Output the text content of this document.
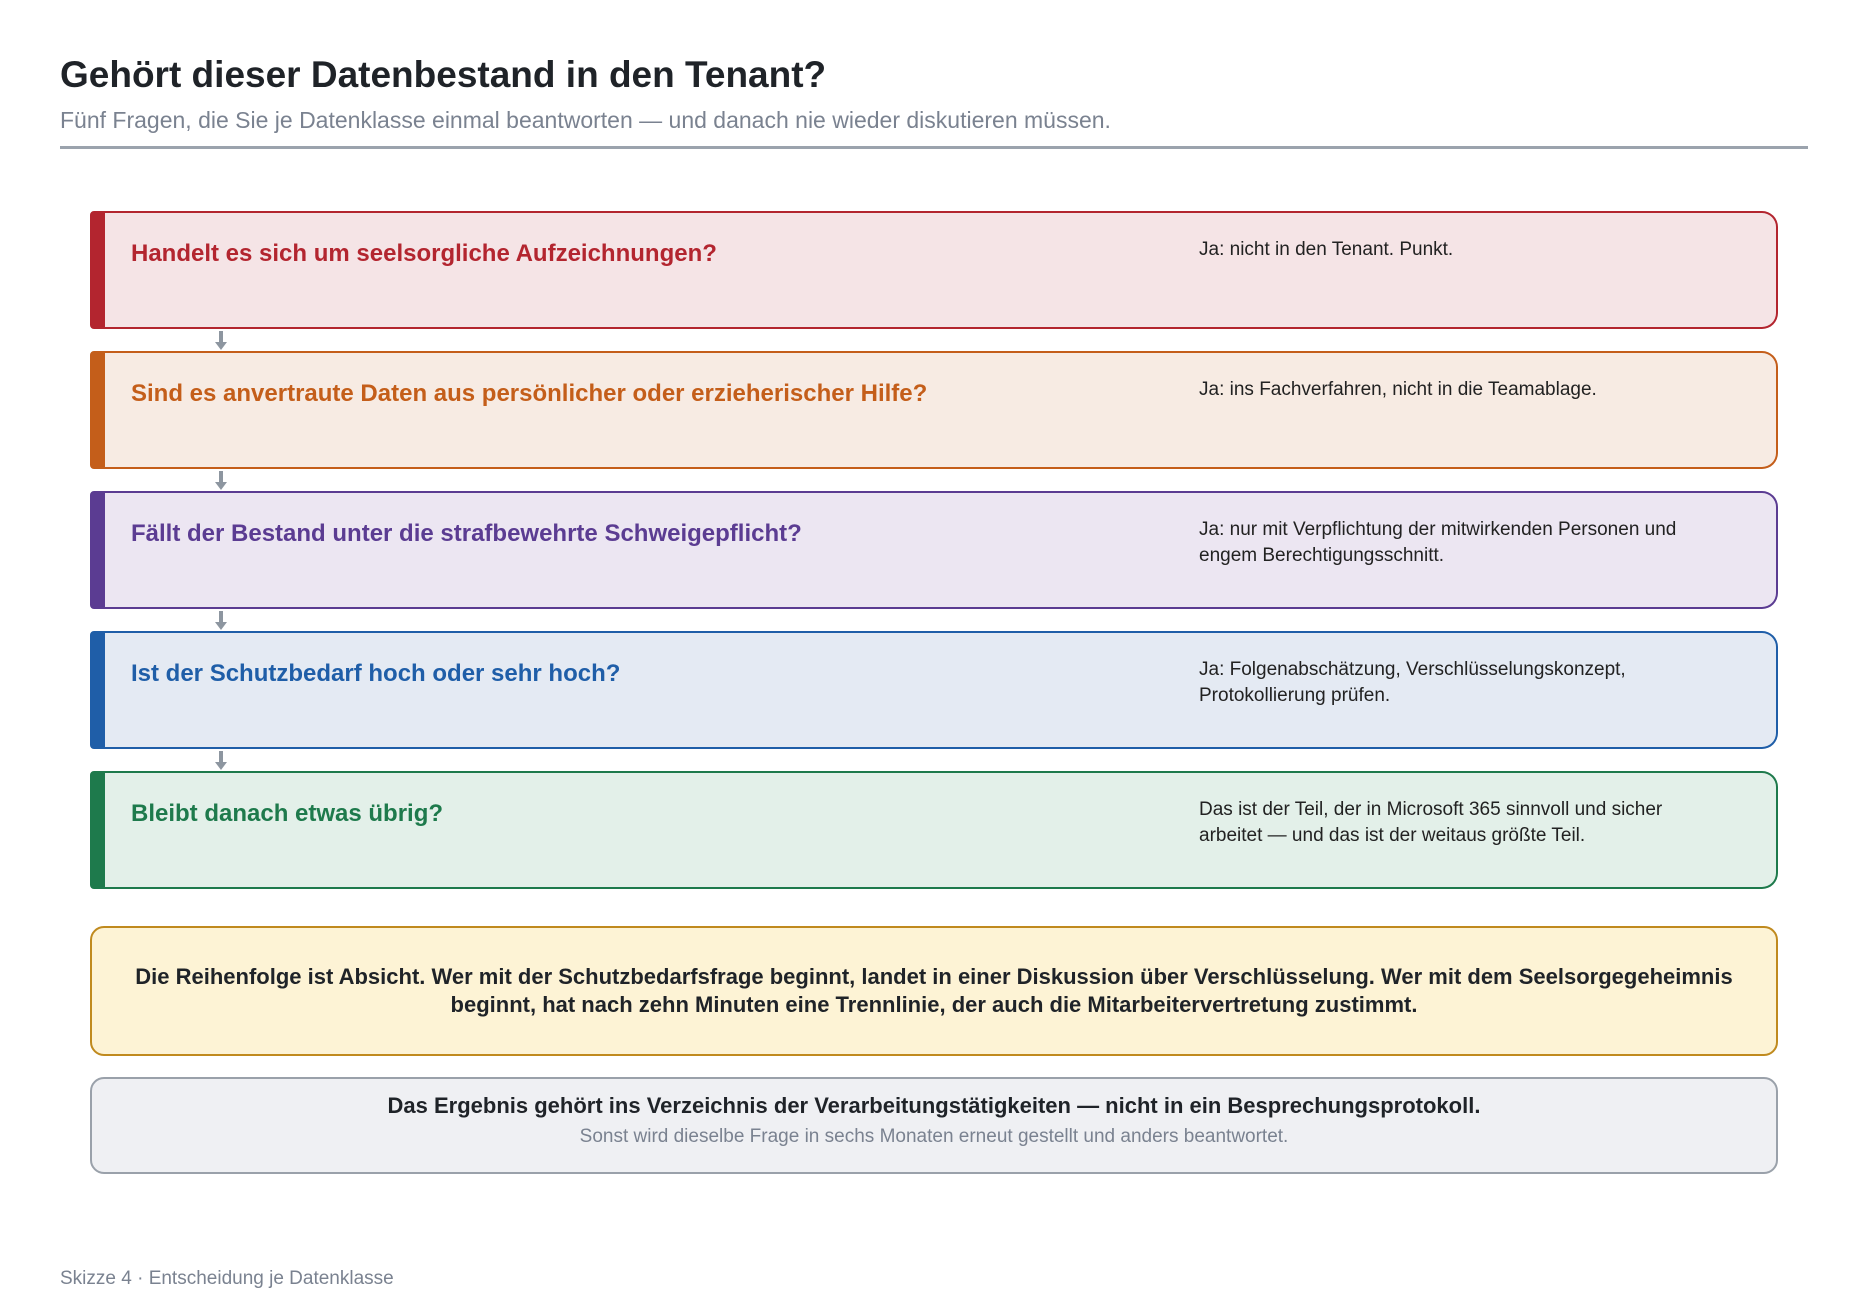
Gehört dieser Datenbestand in den Tenant?
Fünf Fragen, die Sie je Datenklasse einmal beantworten — und danach nie wieder diskutieren müssen.
Handelt es sich um seelsorgliche Aufzeichnungen?	Ja: nicht in den Tenant. Punkt.
Sind es anvertraute Daten aus persönlicher oder erzieherischer Hilfe?	Ja: ins Fachverfahren, nicht in die Teamablage.
Fällt der Bestand unter die strafbewehrte Schweigepflicht?	Ja: nur mit Verpflichtung der mitwirkenden Personen und engem Berechtigungsschnitt.
Ist der Schutzbedarf hoch oder sehr hoch?	Ja: Folgenabschätzung, Verschlüsselungskonzept, Protokollierung prüfen.
Bleibt danach etwas übrig?	Das ist der Teil, der in Microsoft 365 sinnvoll und sicher arbeitet — und das ist der weitaus größte Teil.
Die Reihenfolge ist Absicht. Wer mit der Schutzbedarfsfrage beginnt, landet in einer Diskussion über Verschlüsselung. Wer mit dem Seelsorgegeheimnis beginnt, hat nach zehn Minuten eine Trennlinie, der auch die Mitarbeitervertretung zustimmt.
Das Ergebnis gehört ins Verzeichnis der Verarbeitungstätigkeiten — nicht in ein Besprechungsprotokoll.
Sonst wird dieselbe Frage in sechs Monaten erneut gestellt und anders beantwortet.
Skizze 4 · Entscheidung je Datenklasse
